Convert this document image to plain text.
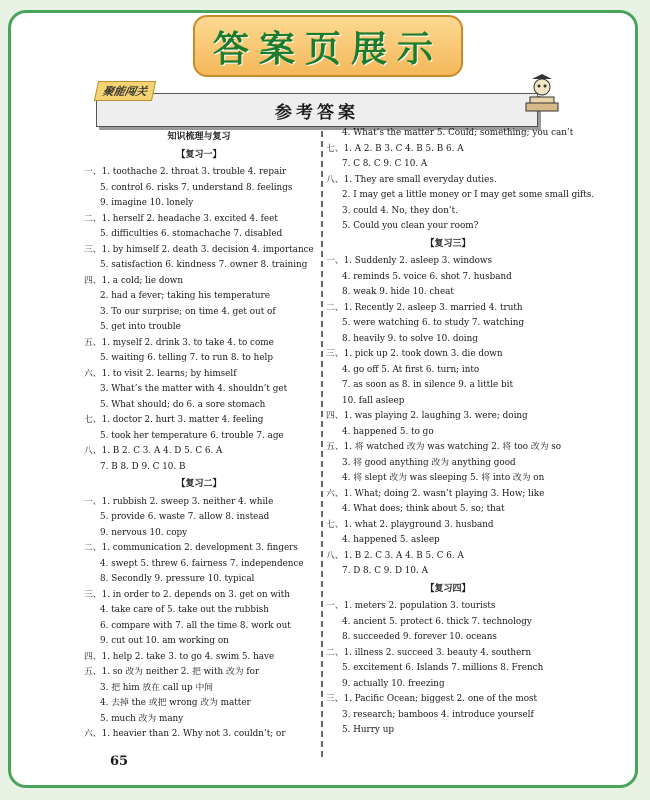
答案页展示
参考答案
聚能闯关
知识梳理与复习
【复习一】
一、1. toothache 2. throat 3. trouble 4. repair
5. control 6. risks 7. understand 8. feelings
9. imagine 10. lonely
二、1. herself 2. headache 3. excited 4. feet
5. difficulties 6. stomachache 7. disabled
三、1. by himself 2. death 3. decision 4. importance
5. satisfaction 6. kindness 7. owner 8. training
四、1. a cold; lie down
2. had a fever; taking his temperature
3. To our surprise; on time 4. get out of
5. get into trouble
五、1. myself 2. drink 3. to take 4. to come
5. waiting 6. telling 7. to run 8. to help
六、1. to visit 2. learns; by himself
3. What’s the matter with 4. shouldn’t get
5. What should; do 6. a sore stomach
七、1. doctor 2. hurt 3. matter 4. feeling
5. took her temperature 6. trouble 7. age
八、1. B 2. C 3. A 4. D 5. C 6. A
7. B 8. D 9. C 10. B
【复习二】
一、1. rubbish 2. sweep 3. neither 4. while
5. provide 6. waste 7. allow 8. instead
9. nervous 10. copy
二、1. communication 2. development 3. fingers
4. swept 5. threw 6. fairness 7. independence
8. Secondly 9. pressure 10. typical
三、1. in order to 2. depends on 3. get on with
4. take care of 5. take out the rubbish
6. compare with 7. all the time 8. work out
9. cut out 10. am working on
四、1. help 2. take 3. to go 4. swim 5. have
五、1. so 改为 neither 2. 把 with 改为 for
3. 把 him 放在 call up 中间
4. 去掉 the 或把 wrong 改为 matter
5. much 改为 many
六、1. heavier than 2. Why not 3. couldn’t; or
4. What’s the matter 5. Could; something; you can’t
七、1. A 2. B 3. C 4. B 5. B 6. A
7. C 8. C 9. C 10. A
八、1. They are small everyday duties.
2. I may get a little money or I may get some small gifts.
3. could 4. No, they don’t.
5. Could you clean your room?
【复习三】
一、1. Suddenly 2. asleep 3. windows
4. reminds 5. voice 6. shot 7. husband
8. weak 9. hide 10. cheat
二、1. Recently 2. asleep 3. married 4. truth
5. were watching 6. to study 7. watching
8. heavily 9. to solve 10. doing
三、1. pick up 2. took down 3. die down
4. go off 5. At first 6. turn; into
7. as soon as 8. in silence 9. a little bit
10. fall asleep
四、1. was playing 2. laughing 3. were; doing
4. happened 5. to go
五、1. 将 watched 改为 was watching 2. 将 too 改为 so
3. 将 good anything 改为 anything good
4. 将 slept 改为 was sleeping 5. 将 into 改为 on
六、1. What; doing 2. wasn’t playing 3. How; like
4. What does; think about 5. so; that
七、1. what 2. playground 3. husband
4. happened 5. asleep
八、1. B 2. C 3. A 4. B 5. C 6. A
7. D 8. C 9. D 10. A
【复习四】
一、1. meters 2. population 3. tourists
4. ancient 5. protect 6. thick 7. technology
8. succeeded 9. forever 10. oceans
二、1. illness 2. succeed 3. beauty 4. southern
5. excitement 6. Islands 7. millions 8. French
9. actually 10. freezing
三、1. Pacific Ocean; biggest 2. one of the most
3. research; bamboos 4. introduce yourself
5. Hurry up
65
